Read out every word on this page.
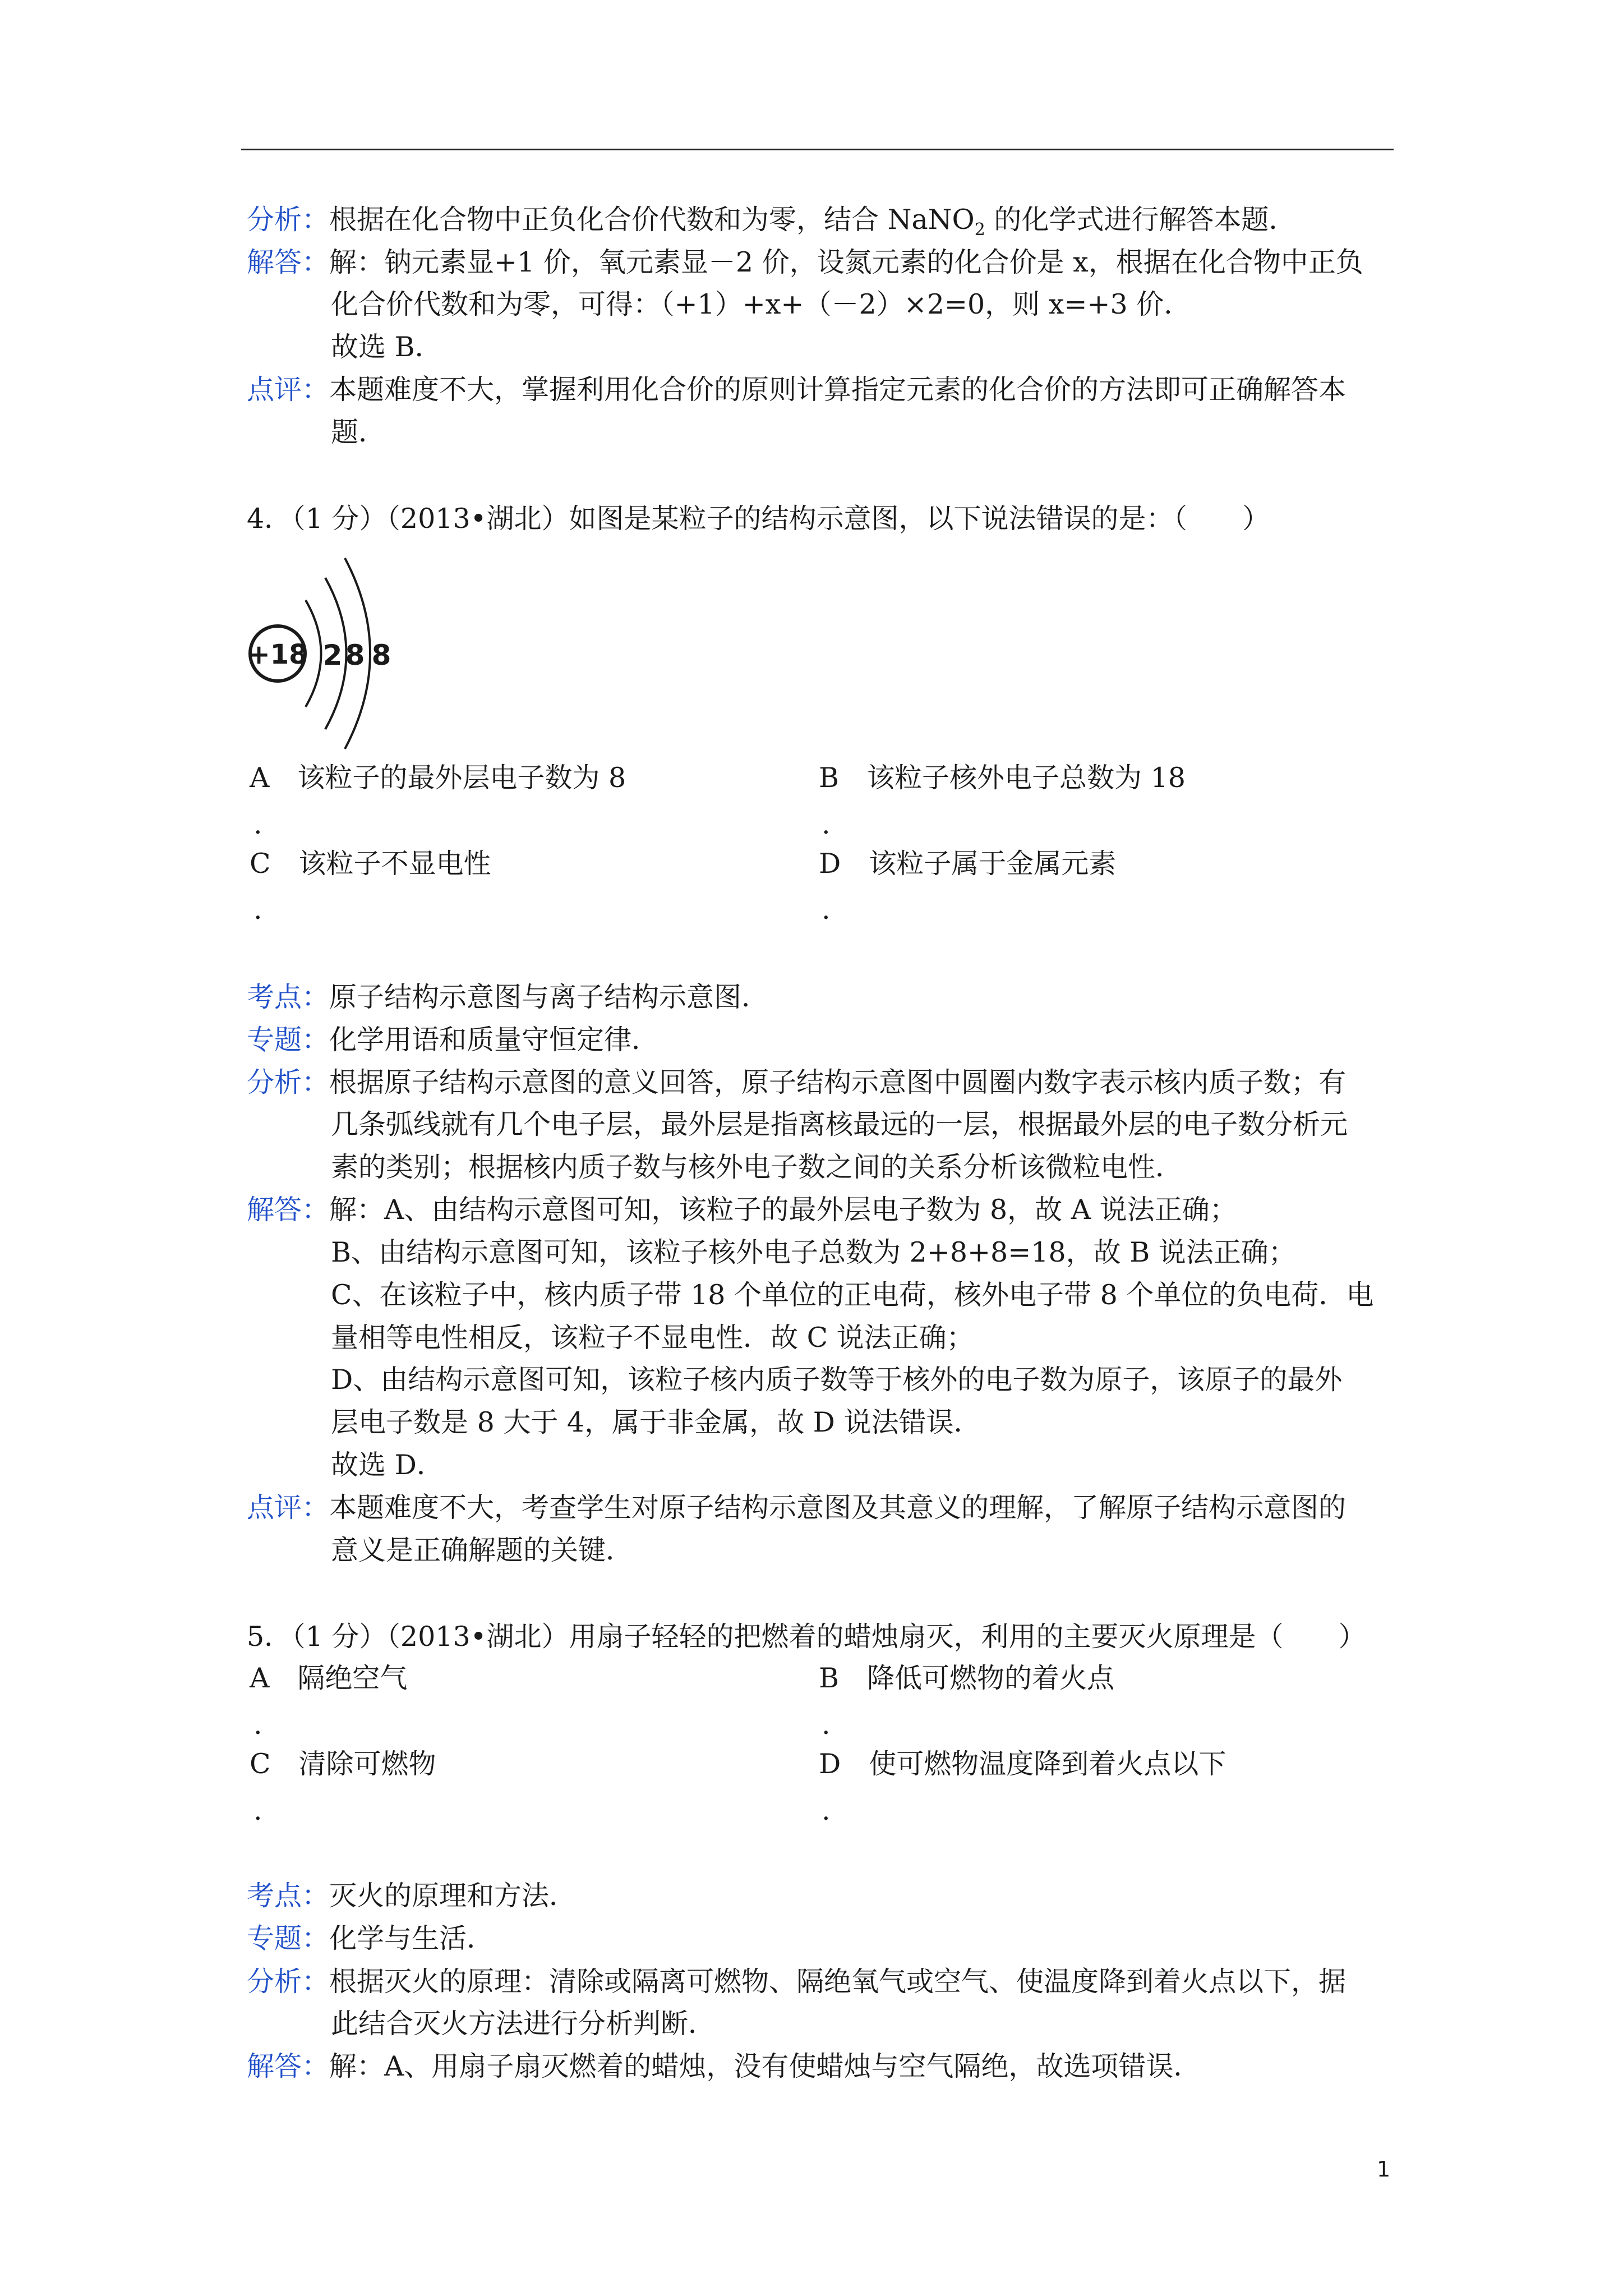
分析：根据在化合物中正负化合价代数和为零，结合 NaNO$_2$ 的化学式进行解答本题．
解答：解：钠元素显+1 价，氧元素显－2 价，设氮元素的化合价是 x，根据在化合物中正负
化合价代数和为零，可得：（+1）+x+（－2）×2=0，则 x=+3 价．
故选 B．
点评：本题难度不大，掌握利用化合价的原则计算指定元素的化合价的方法即可正确解答本
题．
4．（1 分）（2013•湖北）如图是某粒子的结构示意图，以下说法错误的是：（　　）
+18 2 8 8
A 该粒子的最外层电子数为 8
.
B 该粒子核外电子总数为 18
.
C 该粒子不显电性
.
D 该粒子属于金属元素
.
考点：原子结构示意图与离子结构示意图．
专题：化学用语和质量守恒定律．
分析：根据原子结构示意图的意义回答，原子结构示意图中圆圈内数字表示核内质子数；有
几条弧线就有几个电子层，最外层是指离核最远的一层，根据最外层的电子数分析元
素的类别；根据核内质子数与核外电子数之间的关系分析该微粒电性．
解答：解：A、由结构示意图可知，该粒子的最外层电子数为 8，故 A 说法正确；
B、由结构示意图可知，该粒子核外电子总数为 2+8+8=18，故 B 说法正确；
C、在该粒子中，核内质子带 18 个单位的正电荷，核外电子带 8 个单位的负电荷．电
量相等电性相反，该粒子不显电性．故 C 说法正确；
D、由结构示意图可知，该粒子核内质子数等于核外的电子数为原子，该原子的最外
层电子数是 8 大于 4，属于非金属，故 D 说法错误．
故选 D．
点评：本题难度不大，考查学生对原子结构示意图及其意义的理解，了解原子结构示意图的
意义是正确解题的关键．
5．（1 分）（2013•湖北）用扇子轻轻的把燃着的蜡烛扇灭，利用的主要灭火原理是（　　）
A 隔绝空气
.
B 降低可燃物的着火点
.
C 清除可燃物
.
D 使可燃物温度降到着火点以下
.
考点：灭火的原理和方法．
专题：化学与生活．
分析：根据灭火的原理：清除或隔离可燃物、隔绝氧气或空气、使温度降到着火点以下，据
此结合灭火方法进行分析判断．
解答：解：A、用扇子扇灭燃着的蜡烛，没有使蜡烛与空气隔绝，故选项错误．
1
